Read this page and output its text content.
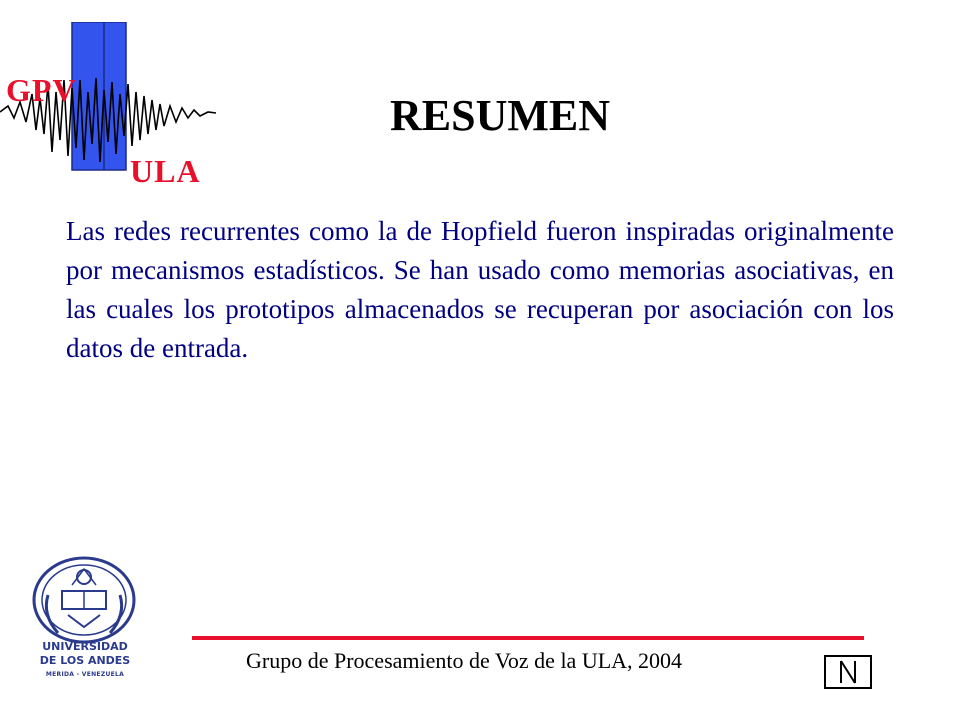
GPV
ULA
RESUMEN
Las redes recurrentes como la de Hopfield fueron inspiradas originalmente por mecanismos estadísticos. Se han usado como memorias asociativas, en las cuales los prototipos almacenados se recuperan por asociación con los datos de entrada.
UNIVERSIDAD
DE LOS ANDES
MERIDA - VENEZUELA
Grupo de Procesamiento de Voz de la ULA, 2004
